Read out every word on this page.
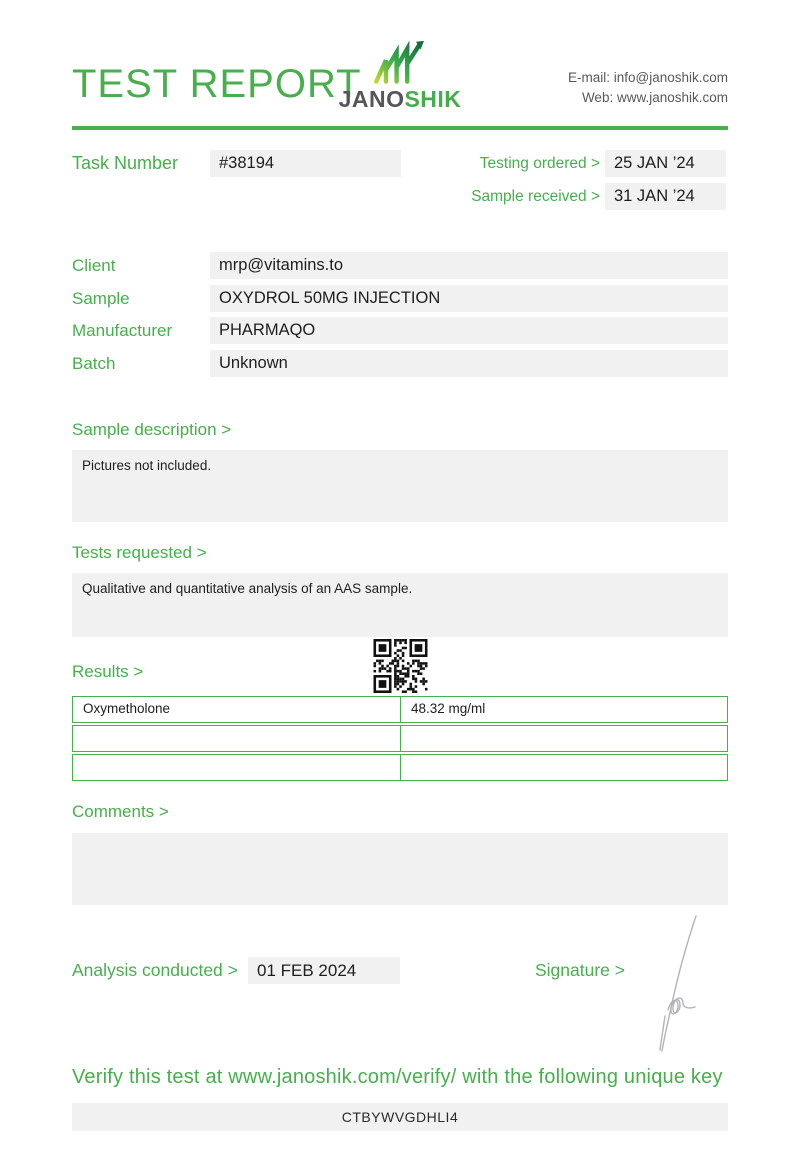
TEST REPORT
JANOSHIK
E-mail: info@janoshik.com
Web: www.janoshik.com
Task Number	#38194	Testing ordered > 25 JAN ’24
Sample received > 31 JAN ’24
Client	mrp@vitamins.to
Sample	OXYDROL 50MG INJECTION
Manufacturer	PHARMAQO
Batch	Unknown
Sample description >
Pictures not included.
Tests requested >
Qualitative and quantitative analysis of an AAS sample.
Results >
Oxymetholone	48.32 mg/ml
Comments >
Analysis conducted >	01 FEB 2024	Signature >
Verify this test at www.janoshik.com/verify/ with the following unique key
CTBYWVGDHLI4
